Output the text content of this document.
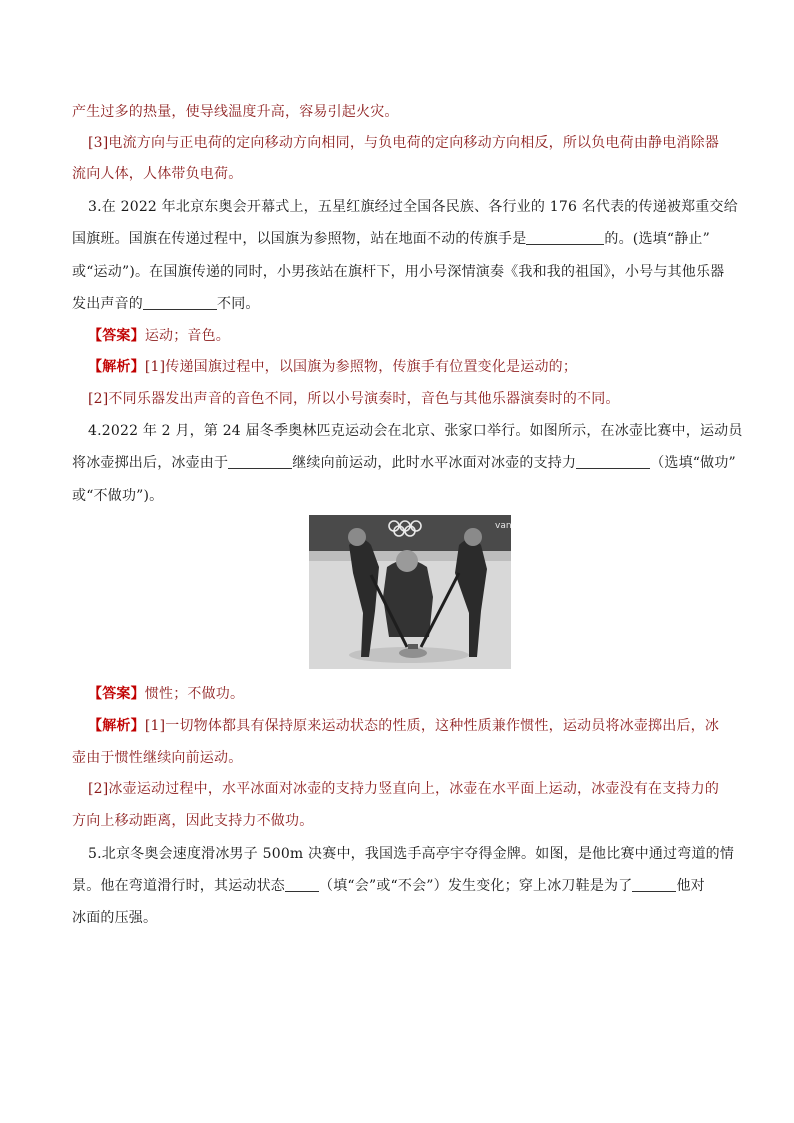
产生过多的热量，使导线温度升高，容易引起火灾。
[3]电流方向与正电荷的定向移动方向相同，与负电荷的定向移动方向相反，所以负电荷由静电消除器
流向人体，人体带负电荷。
3.在 2022 年北京东奥会开幕式上，五星红旗经过全国各民族、各行业的 176 名代表的传递被郑重交给
国旗班。国旗在传递过程中，以国旗为参照物，站在地面不动的传旗手是	的。(选填“静止”
或“运动”)。在国旗传递的同时，小男孩站在旗杆下，用小号深情演奏《我和我的祖国》，小号与其他乐器
发出声音的	不同。
【答案】运动；音色。
【解析】[1]传递国旗过程中，以国旗为参照物，传旗手有位置变化是运动的；
[2]不同乐器发出声音的音色不同，所以小号演奏时，音色与其他乐器演奏时的不同。
4.2022 年 2 月，第 24 届冬季奥林匹克运动会在北京、张家口举行。如图所示，在冰壶比赛中，运动员
将冰壶掷出后，冰壶由于	继续向前运动，此时水平冰面对冰壶的支持力	（选填“做功”
或“不做功”)。
van
【答案】惯性；不做功。
【解析】[1]一切物体都具有保持原来运动状态的性质，这种性质兼作惯性，运动员将冰壶掷出后，冰
壶由于惯性继续向前运动。
[2]冰壶运动过程中，水平冰面对冰壶的支持力竖直向上，冰壶在水平面上运动，冰壶没有在支持力的
方向上移动距离，因此支持力不做功。
5.北京冬奥会速度滑冰男子 500m 决赛中，我国选手高亭宇夺得金牌。如图，是他比赛中通过弯道的情
景。他在弯道滑行时，其运动状态 （填“会”或“不会”）发生变化；穿上冰刀鞋是为了	他对
冰面的压强。
